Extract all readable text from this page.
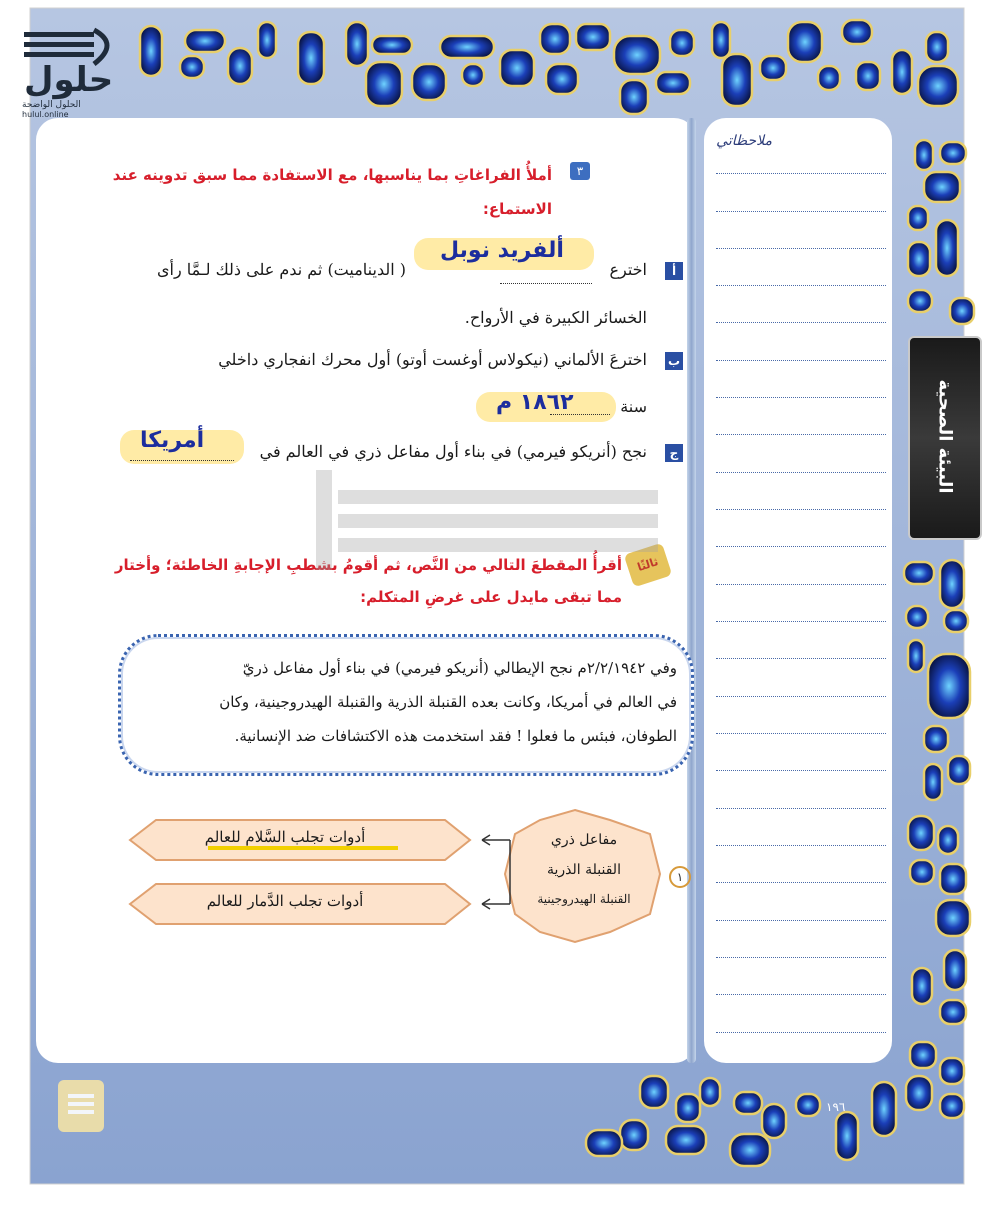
حلول
الحلول الواضحة
hulul.online
ملاحظاتي
البيئة الصحية
٣
أملأُ الفراغاتِ بما يناسبها، مع الاستفادة مما سبق تدوينه عند
الاستماع:
أ
اخترع
ألفريد نوبل
( الديناميت) ثم ندم على ذلك لـمَّا رأى
الخسائر الكبيرة في الأرواح.
ب
اخترعَ الألماني (نيكولاس أوغست أوتو) أول محرك انفجاري داخلي
سنة
١٨٦٢ م
ج
نجح (أنريكو فيرمي) في بناء أول مفاعل ذري في العالم في
أمريكا
ثالثًا
أقرأُ المقطعَ التالي من النَّص، ثم أقومُ بشطبِ الإجابةِ الخاطئة؛ وأختار
مما تبقى مايدل على غرضِ المتكلم:
وفي ٢/٢/١٩٤٢م نجح الإيطالي (أنريكو فيرمي) في بناء أول مفاعل ذريّ
في العالم في أمريكا، وكانت بعده القنبلة الذرية والقنبلة الهيدروجينية، وكان
الطوفان، فبئس ما فعلوا ! فقد استخدمت هذه الاكتشافات ضد الإنسانية.
١
مفاعل ذري
القنبلة الذرية
القنبلة الهيدروجينية
أدوات تجلب السَّلام للعالم
أدوات تجلب الدَّمار للعالم
١٩٦
